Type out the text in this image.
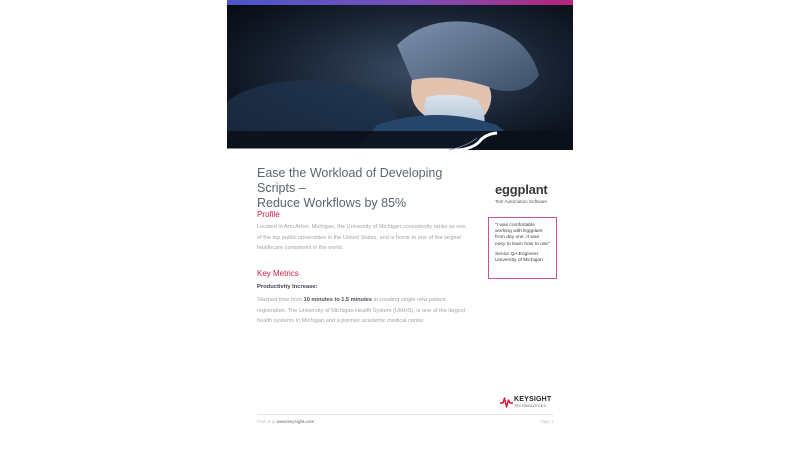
CASE STUDY
Ease the Workload of Developing Scripts –
Reduce Workflows by 85%
Profile
Located in Ann Arbor, Michigan, the University of Michigan consistently ranks as one of the top public universities in the United States, and is home to one of the largest healthcare complexes in the world.
Key Metrics
Productivity Increase:
Slashed time from 10 minutes to 1.5 minutes in creating single new patient registration. The University of Michigan Health System (UMHS), is one of the largest health systems in Michigan and a premier academic medical center.
eggplant
Test Automation Software
“I was comfortable working with Eggplant from day one. It was easy to learn how to use”
Senior QA Engineer
University of Michigan
KEYSIGHT
TECHNOLOGIES
Find us at www.keysight.com	Page 1
